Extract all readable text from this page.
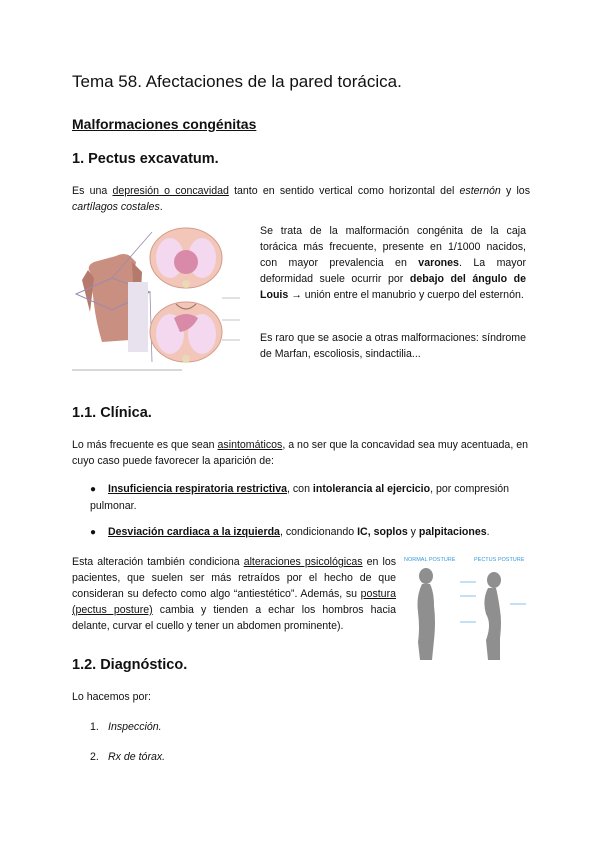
Tema 58. Afectaciones de la pared torácica.
Malformaciones congénitas
1. Pectus excavatum.
Es una depresión o concavidad tanto en sentido vertical como horizontal del esternón y los cartílagos costales.
Se trata de la malformación congénita de la caja torácica más frecuente, presente en 1/1000 nacidos, con mayor prevalencia en varones. La mayor deformidad suele ocurrir por debajo del ángulo de Louis → unión entre el manubrio y cuerpo del esternón.
Es raro que se asocie a otras malformaciones: síndrome de Marfan, escoliosis, sindactilia...
1.1. Clínica.
Lo más frecuente es que sean asintomáticos, a no ser que la concavidad sea muy acentuada, en cuyo caso puede favorecer la aparición de:
● Insuficiencia respiratoria restrictiva, con intolerancia al ejercicio, por compresión pulmonar.
● Desviación cardiaca a la izquierda, condicionando IC, soplos y palpitaciones.
Esta alteración también condiciona alteraciones psicológicas en los pacientes, que suelen ser más retraídos por el hecho de que consideran su defecto como algo “antiestético”. Además, su postura (pectus posture) cambia y tienden a echar los hombros hacia delante, curvar el cuello y tener un abdomen prominente).
NORMAL POSTURE	PECTUS POSTURE
1.2. Diagnóstico.
Lo hacemos por:
1. Inspección.
2. Rx de tórax.
